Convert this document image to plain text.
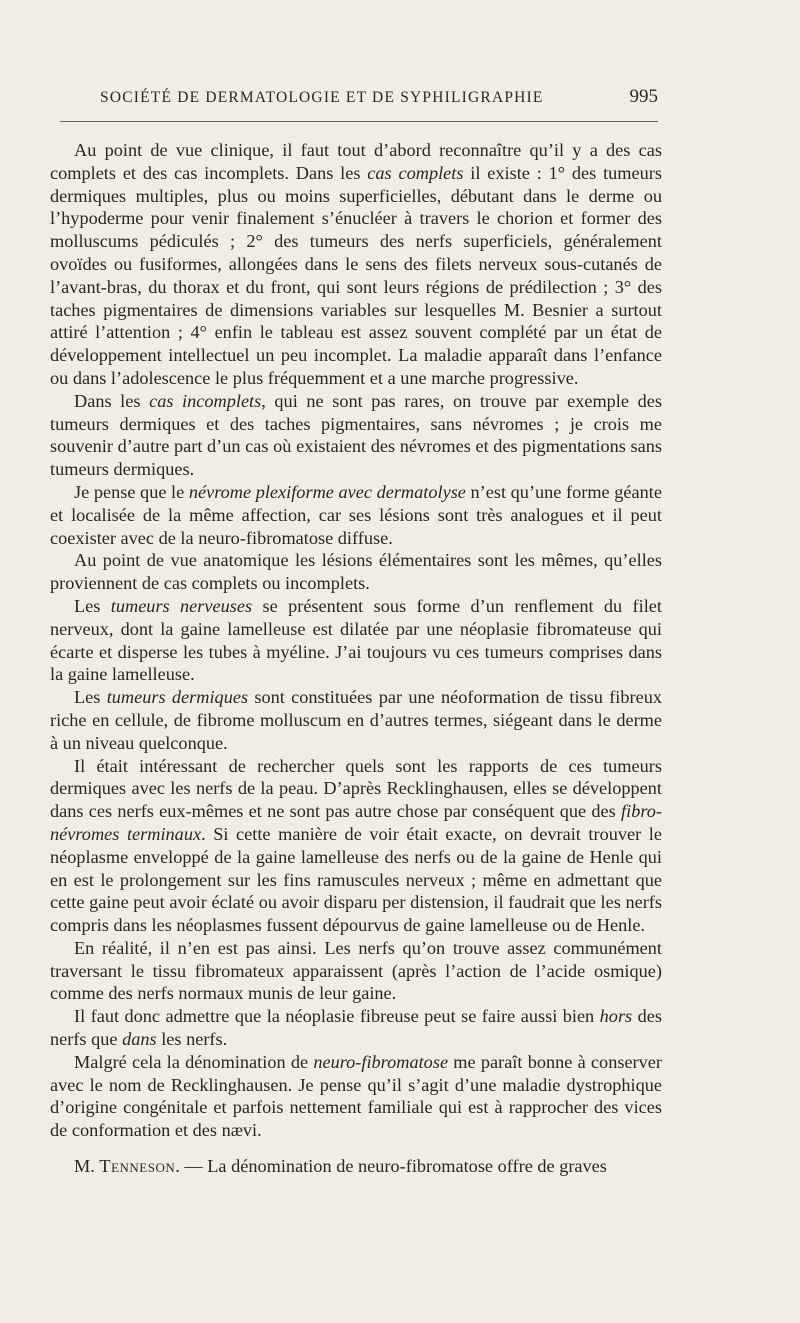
SOCIÉTÉ DE DERMATOLOGIE ET DE SYPHILIGRAPHIE	995

Au point de vue clinique, il faut tout d’abord reconnaître qu’il y a des cas complets et des cas incomplets. Dans les cas complets il existe : 1° des tumeurs dermiques multiples, plus ou moins superficielles, débutant dans le derme ou l’hypoderme pour venir finalement s’énucléer à travers le chorion et former des molluscums pédiculés ; 2° des tumeurs des nerfs superficiels, généralement ovoïdes ou fusiformes, allongées dans le sens des filets nerveux sous-cutanés de l’avant-bras, du thorax et du front, qui sont leurs régions de prédilection ; 3° des taches pigmentaires de dimensions variables sur lesquelles M. Besnier a surtout attiré l’attention ; 4° enfin le tableau est assez souvent complété par un état de développement intellectuel un peu incomplet. La maladie apparaît dans l’enfance ou dans l’adolescence le plus fréquemment et a une marche progressive.

Dans les cas incomplets, qui ne sont pas rares, on trouve par exemple des tumeurs dermiques et des taches pigmentaires, sans névromes ; je crois me souvenir d’autre part d’un cas où existaient des névromes et des pigmentations sans tumeurs dermiques.

Je pense que le névrome plexiforme avec dermatolyse n’est qu’une forme géante et localisée de la même affection, car ses lésions sont très analogues et il peut coexister avec de la neuro-fibromatose diffuse.

Au point de vue anatomique les lésions élémentaires sont les mêmes, qu’elles proviennent de cas complets ou incomplets.

Les tumeurs nerveuses se présentent sous forme d’un renflement du filet nerveux, dont la gaine lamelleuse est dilatée par une néoplasie fibromateuse qui écarte et disperse les tubes à myéline. J’ai toujours vu ces tumeurs comprises dans la gaine lamelleuse.

Les tumeurs dermiques sont constituées par une néoformation de tissu fibreux riche en cellule, de fibrome molluscum en d’autres termes, siégeant dans le derme à un niveau quelconque.

Il était intéressant de rechercher quels sont les rapports de ces tumeurs dermiques avec les nerfs de la peau. D’après Recklinghausen, elles se développent dans ces nerfs eux-mêmes et ne sont pas autre chose par conséquent que des fibro-névromes terminaux. Si cette manière de voir était exacte, on devrait trouver le néoplasme enveloppé de la gaine lamelleuse des nerfs ou de la gaine de Henle qui en est le prolongement sur les fins ramuscules nerveux ; même en admettant que cette gaine peut avoir éclaté ou avoir disparu per distension, il faudrait que les nerfs compris dans les néoplasmes fussent dépourvus de gaine lamelleuse ou de Henle.

En réalité, il n’en est pas ainsi. Les nerfs qu’on trouve assez communément traversant le tissu fibromateux apparaissent (après l’action de l’acide osmique) comme des nerfs normaux munis de leur gaine.

Il faut donc admettre que la néoplasie fibreuse peut se faire aussi bien hors des nerfs que dans les nerfs.

Malgré cela la dénomination de neuro-fibromatose me paraît bonne à conserver avec le nom de Recklinghausen. Je pense qu’il s’agit d’une maladie dystrophique d’origine congénitale et parfois nettement familiale qui est à rapprocher des vices de conformation et des nævi.

M. Tenneson. — La dénomination de neuro-fibromatose offre de graves
